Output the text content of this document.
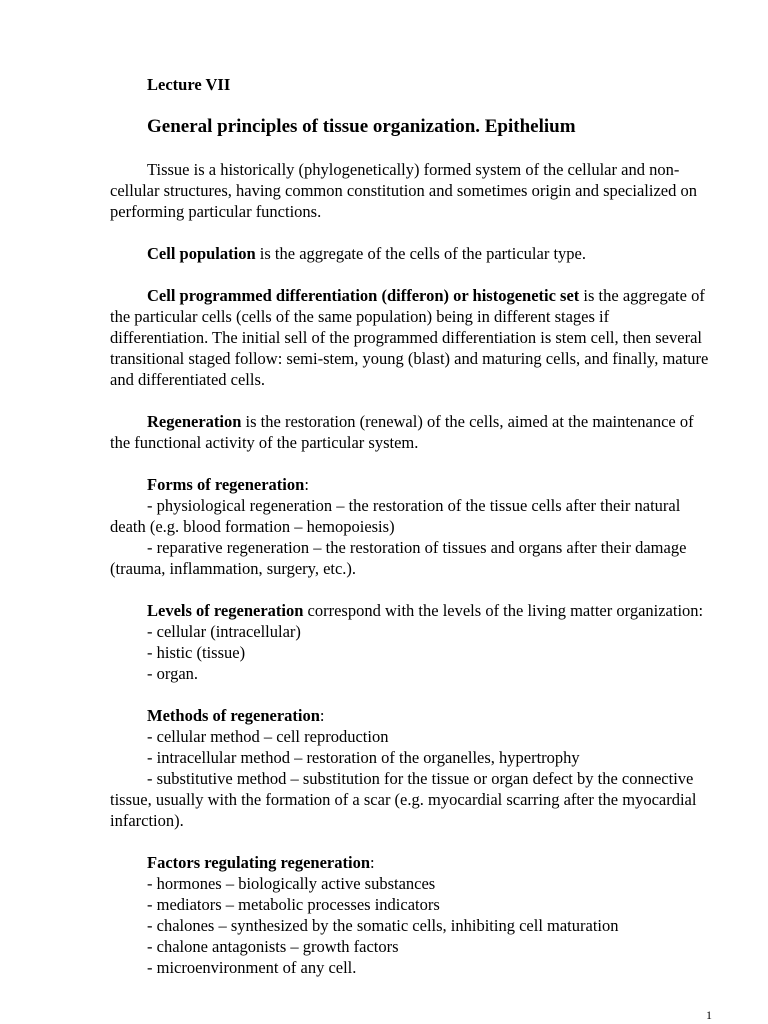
Lecture VII

General principles of tissue organization. Epithelium

Tissue is a historically (phylogenetically) formed system of the cellular and non-cellular structures, having common constitution and sometimes origin and specialized on performing particular functions.

Cell population is the aggregate of the cells of the particular type.

Cell programmed differentiation (differon) or histogenetic set is the aggregate of the particular cells (cells of the same population) being in different stages if differentiation. The initial sell of the programmed differentiation is stem cell, then several transitional staged follow: semi-stem, young (blast) and maturing cells, and finally, mature and differentiated cells.

Regeneration is the restoration (renewal) of the cells, aimed at the maintenance of the functional activity of the particular system.

Forms of regeneration:

- physiological regeneration – the restoration of the tissue cells after their natural death (e.g. blood formation – hemopoiesis)

- reparative regeneration – the restoration of tissues and organs after their damage (trauma, inflammation, surgery, etc.).

Levels of regeneration correspond with the levels of the living matter organization:

- cellular (intracellular)

- histic (tissue)

- organ.

Methods of regeneration:

- cellular method – cell reproduction

- intracellular method – restoration of the organelles, hypertrophy

- substitutive method – substitution for the tissue or organ defect by the connective tissue, usually with the formation of a scar (e.g. myocardial scarring after the myocardial infarction).

Factors regulating regeneration:

- hormones – biologically active substances

- mediators – metabolic processes indicators

- chalones – synthesized by the somatic cells, inhibiting cell maturation

- chalone antagonists – growth factors

- microenvironment of any cell.

1
